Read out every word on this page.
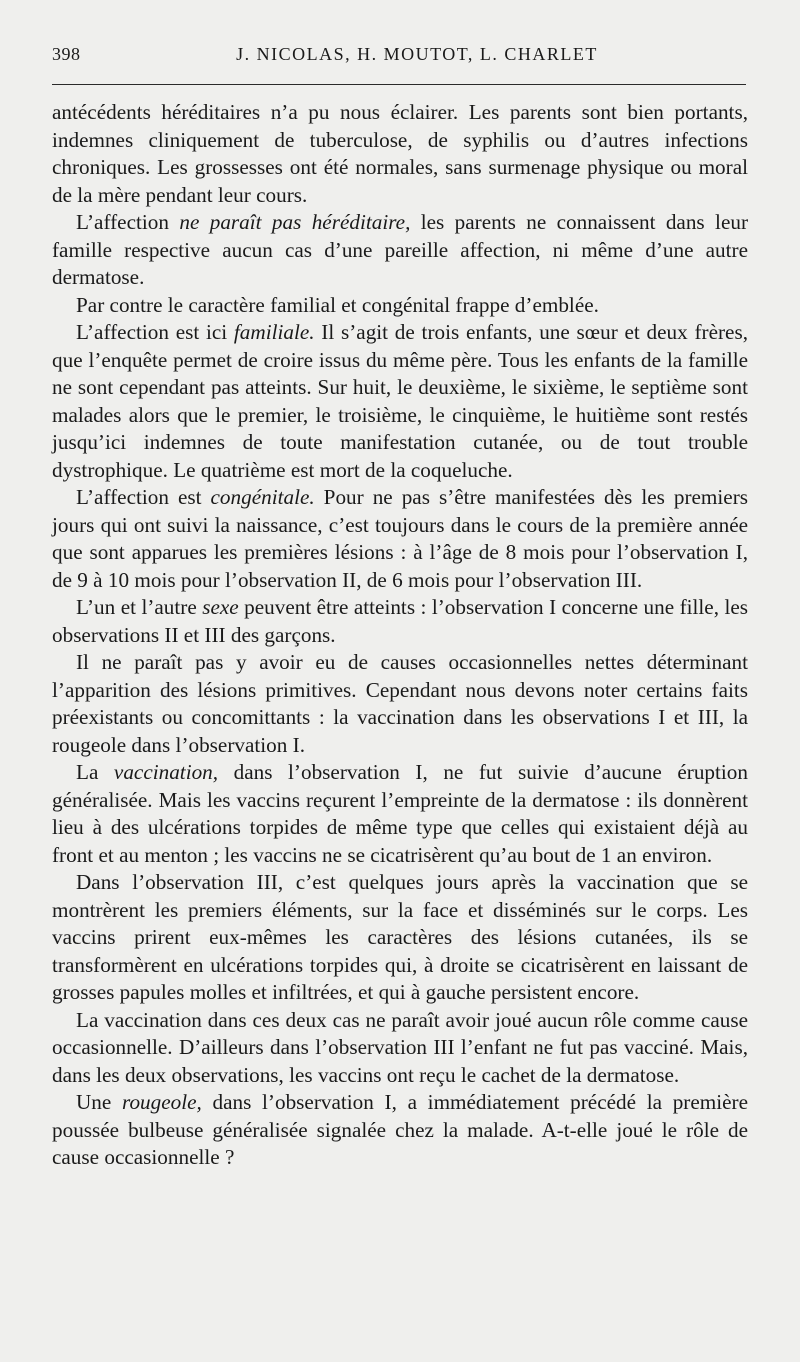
398	J. NICOLAS, H. MOUTOT, L. CHARLET

antécédents héréditaires n’a pu nous éclairer. Les parents sont bien portants, indemnes cliniquement de tuberculose, de syphilis ou d’autres infections chroniques. Les grossesses ont été normales, sans surmenage physique ou moral de la mère pendant leur cours.

L’affection ne paraît pas héréditaire, les parents ne connaissent dans leur famille respective aucun cas d’une pareille affection, ni même d’une autre dermatose.

Par contre le caractère familial et congénital frappe d’emblée.

L’affection est ici familiale. Il s’agit de trois enfants, une sœur et deux frères, que l’enquête permet de croire issus du même père. Tous les enfants de la famille ne sont cependant pas atteints. Sur huit, le deuxième, le sixième, le septième sont malades alors que le premier, le troisième, le cinquième, le huitième sont restés jusqu’ici indemnes de toute manifestation cutanée, ou de tout trouble dystrophique. Le quatrième est mort de la coqueluche.

L’affection est congénitale. Pour ne pas s’être manifestées dès les premiers jours qui ont suivi la naissance, c’est toujours dans le cours de la première année que sont apparues les premières lésions : à l’âge de 8 mois pour l’observation I, de 9 à 10 mois pour l’observation II, de 6 mois pour l’observation III.

L’un et l’autre sexe peuvent être atteints : l’observation I concerne une fille, les observations II et III des garçons.

Il ne paraît pas y avoir eu de causes occasionnelles nettes déterminant l’apparition des lésions primitives. Cependant nous devons noter certains faits préexistants ou concomittants : la vaccination dans les observations I et III, la rougeole dans l’observation I.

La vaccination, dans l’observation I, ne fut suivie d’aucune éruption généralisée. Mais les vaccins reçurent l’empreinte de la dermatose : ils donnèrent lieu à des ulcérations torpides de même type que celles qui existaient déjà au front et au menton ; les vaccins ne se cicatrisèrent qu’au bout de 1 an environ.

Dans l’observation III, c’est quelques jours après la vaccination que se montrèrent les premiers éléments, sur la face et disséminés sur le corps. Les vaccins prirent eux-mêmes les caractères des lésions cutanées, ils se transformèrent en ulcérations torpides qui, à droite se cicatrisèrent en laissant de grosses papules molles et infiltrées, et qui à gauche persistent encore.

La vaccination dans ces deux cas ne paraît avoir joué aucun rôle comme cause occasionnelle. D’ailleurs dans l’observation III l’enfant ne fut pas vacciné. Mais, dans les deux observations, les vaccins ont reçu le cachet de la dermatose.

Une rougeole, dans l’observation I, a immédiatement précédé la première poussée bulbeuse généralisée signalée chez la malade. A-t-elle joué le rôle de cause occasionnelle ?
